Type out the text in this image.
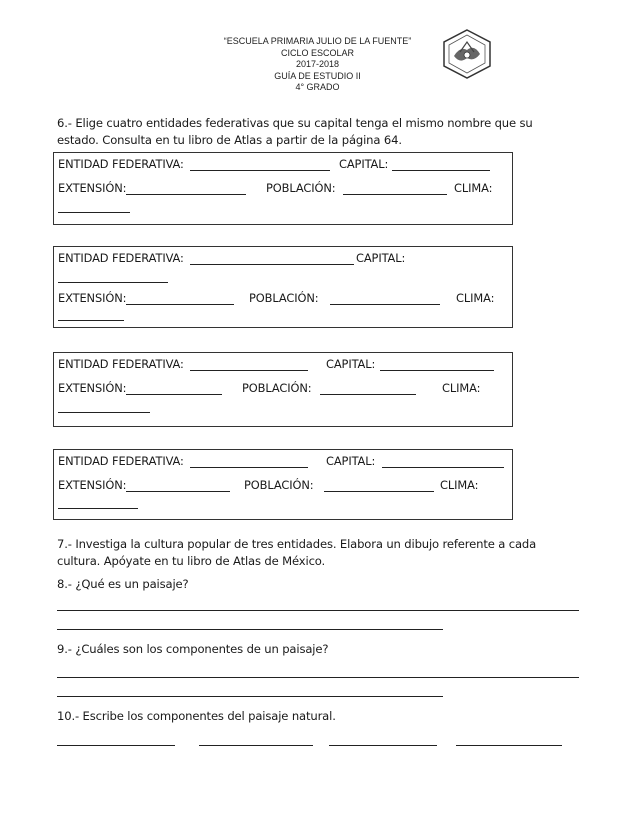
“ESCUELA PRIMARIA JULIO DE LA FUENTE”
CICLO ESCOLAR
2017-2018
GUÍA DE ESTUDIO II
4° GRADO
6.- Elige cuatro entidades federativas que su capital tenga el mismo nombre que su
estado. Consulta en tu libro de Atlas a partir de la página 64.
ENTIDAD FEDERATIVA:	CAPITAL:
EXTENSIÓN:	POBLACIÓN:	CLIMA:
ENTIDAD FEDERATIVA:	CAPITAL:
EXTENSIÓN:	POBLACIÓN:	CLIMA:
ENTIDAD FEDERATIVA:	CAPITAL:
EXTENSIÓN:	POBLACIÓN:	CLIMA:
ENTIDAD FEDERATIVA:	CAPITAL:
EXTENSIÓN:	POBLACIÓN:	CLIMA:
7.- Investiga la cultura popular de tres entidades. Elabora un dibujo referente a cada
cultura. Apóyate en tu libro de Atlas de México.
8.- ¿Qué es un paisaje?
9.- ¿Cuáles son los componentes de un paisaje?
10.- Escribe los componentes del paisaje natural.
